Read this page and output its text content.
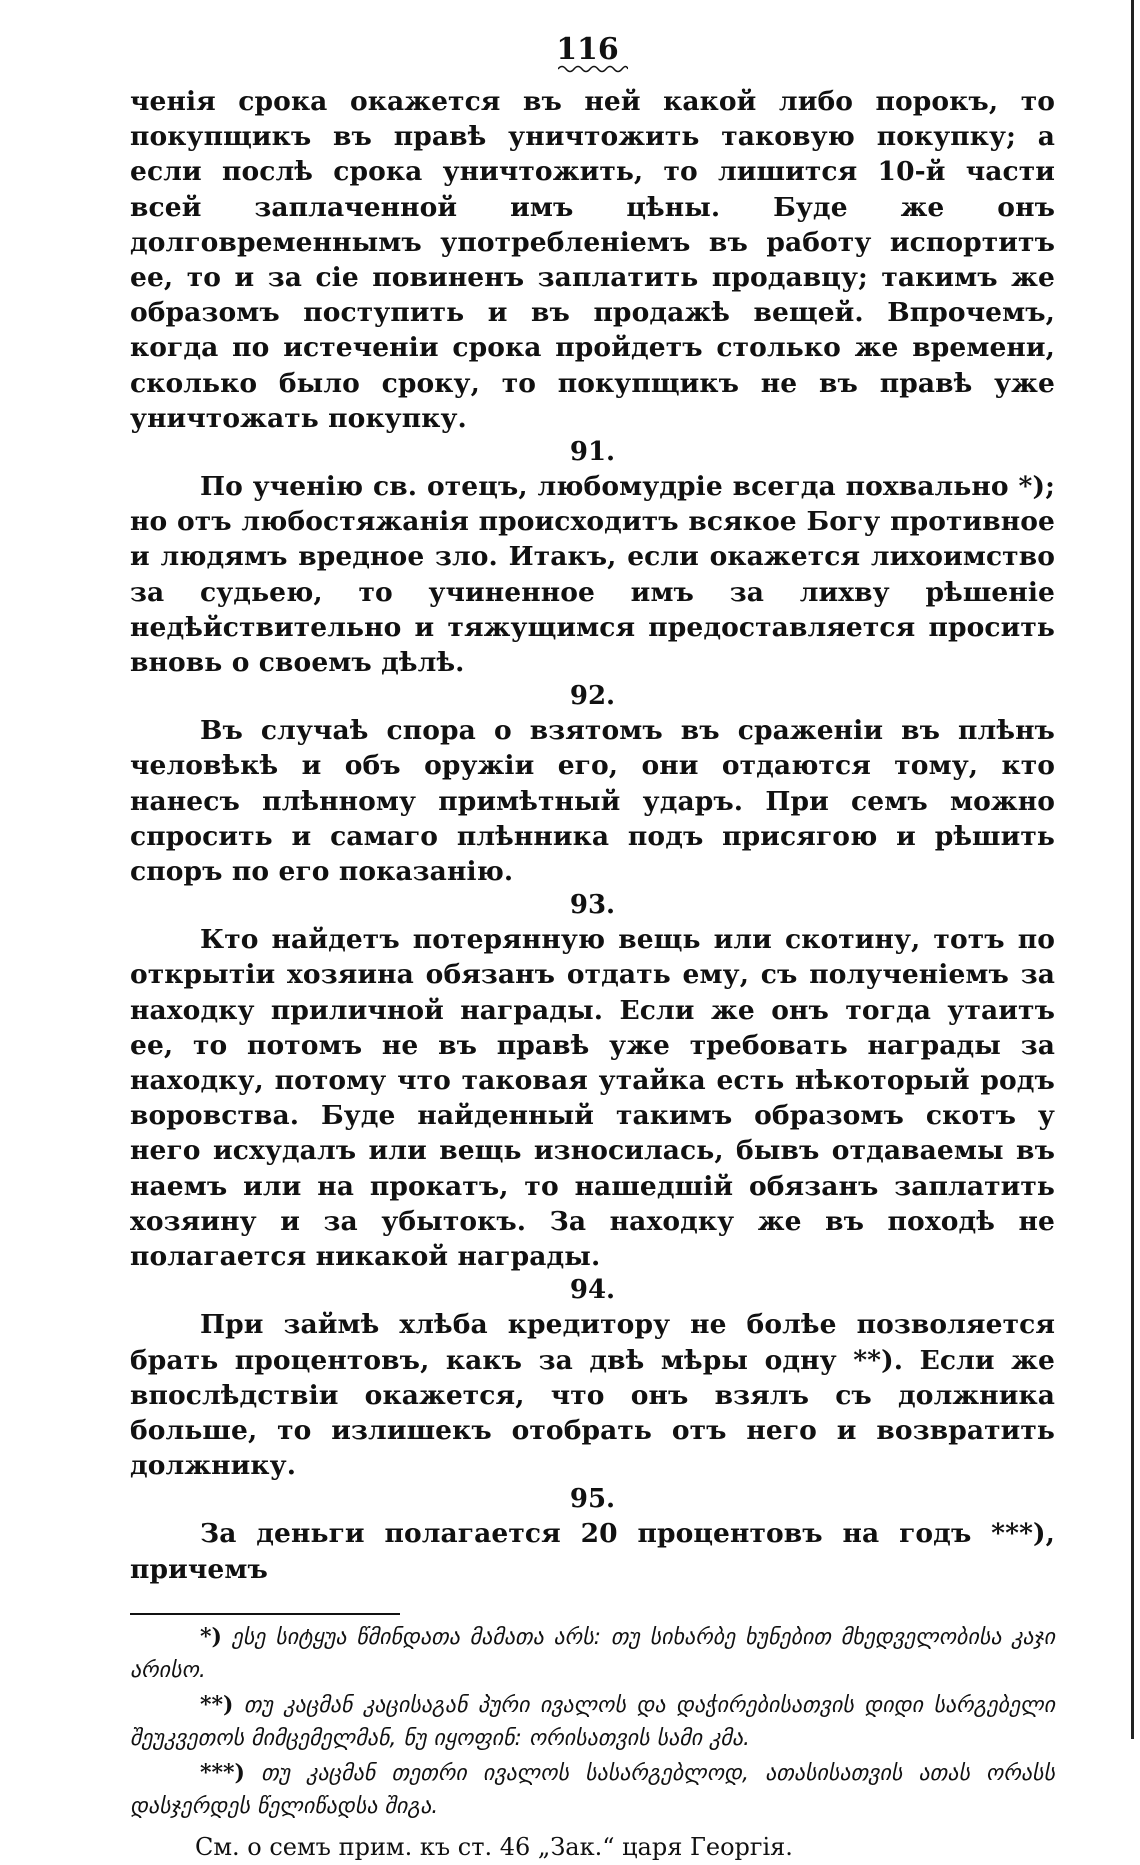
116

ченія срока окажется въ ней какой либо порокъ, то покупщикъ въ правѣ уничтожить таковую покупку; а если послѣ срока уничтожить, то лишится 10-й части всей заплаченной имъ цѣны. Буде же онъ долговременнымъ употребленіемъ въ работу испортитъ ее, то и за сіе повиненъ заплатить продавцу; такимъ же образомъ поступить и въ продажѣ вещей. Впрочемъ, когда по истеченіи срока пройдетъ столько же времени, сколько было сроку, то покупщикъ не въ правѣ уже уничтожать покупку.

91.

По ученію св. отецъ, любомудріе всегда похвально *); но отъ любостяжанія происходитъ всякое Богу противное и людямъ вредное зло. Итакъ, если окажется лихоимство за судьею, то учиненное имъ за лихву рѣшеніе недѣйствительно и тяжущимся предоставляется просить вновь о своемъ дѣлѣ.

92.

Въ случаѣ спора о взятомъ въ сраженіи въ плѣнъ человѣкѣ и объ оружіи его, они отдаются тому, кто нанесъ плѣнному примѣтный ударъ. При семъ можно спросить и самаго плѣнника подъ присягою и рѣшить споръ по его показанію.

93.

Кто найдетъ потерянную вещь или скотину, тотъ по открытіи хозяина обязанъ отдать ему, съ полученіемъ за находку приличной награды. Если же онъ тогда утаитъ ее, то потомъ не въ правѣ уже требовать награды за находку, потому что таковая утайка есть нѣкоторый родъ воровства. Буде найденный такимъ образомъ скотъ у него исхудалъ или вещь износилась, бывъ отдаваемы въ наемъ или на прокатъ, то нашедшій обязанъ заплатить хозяину и за убытокъ. За находку же въ походѣ не полагается никакой награды.

94.

При займѣ хлѣба кредитору не болѣе позволяется брать процентовъ, какъ за двѣ мѣры одну **). Если же впослѣдствіи окажется, что онъ взялъ съ должника больше, то излишекъ отобрать отъ него и возвратить должнику.

95.

За деньги полагается 20 процентовъ на годъ ***), причемъ

*) ესე სიტყუა წმინდათა მამათა არს: თუ სიხარბე ხუნებით მხედველობისა კაჯი არისო.

**) თუ კაცმან კაცისაგან პური ივალოს და დაჭირებისათვის დიდი სარგებელი შეუკვეთოს მიმცემელმან, ნუ იყოფინ: ორისათვის სამი კმა.

***) თუ კაცმან თეთრი ივალოს სასარგებლოდ, ათასისათვის ათას ორასს დასჯერდეს წელიწადსა შიგა.

См. о семъ прим. къ ст. 46 „Зак.“ царя Георгія.
